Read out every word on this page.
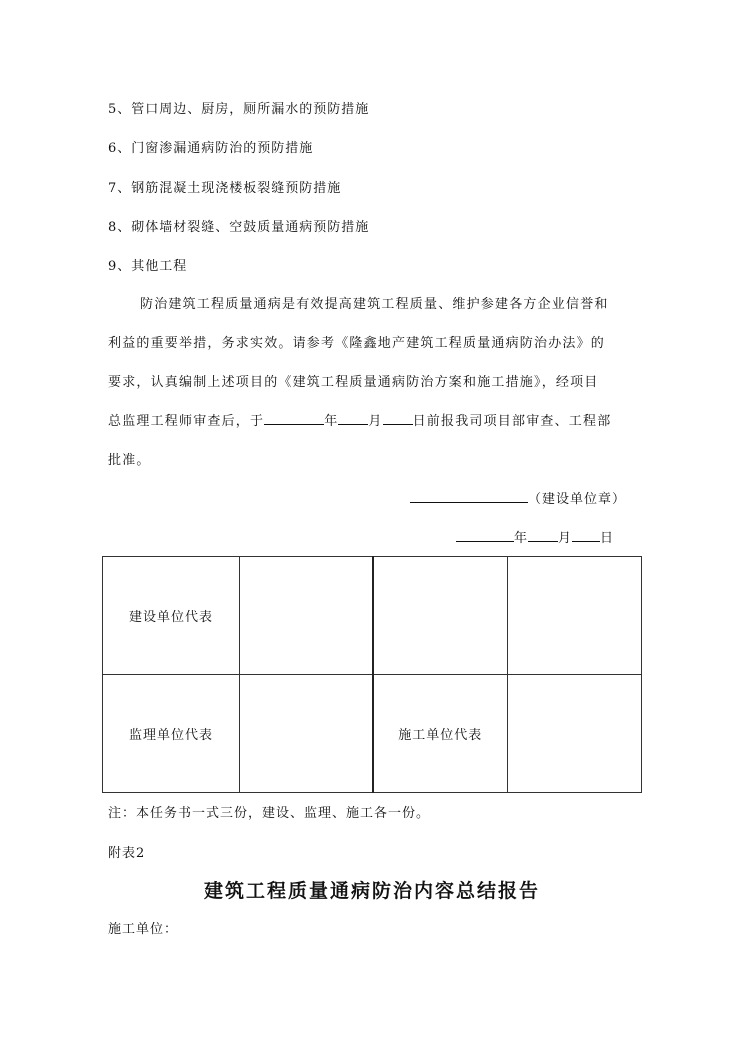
5、管口周边、厨房，厕所漏水的预防措施
6、门窗渗漏通病防治的预防措施
7、钢筋混凝土现浇楼板裂缝预防措施
8、砌体墙材裂缝、空鼓质量通病预防措施
9、其他工程
防治建筑工程质量通病是有效提高建筑工程质量、维护参建各方企业信誉和
利益的重要举措，务求实效。请参考《隆鑫地产建筑工程质量通病防治办法》的
要求，认真编制上述项目的《建筑工程质量通病防治方案和施工措施》，经项目
总监理工程师审查后，于	年 月 日前报我司项目部审查、工程部
批准。
（建设单位章）
年 月 日
建设单位代表			
监理单位代表		施工单位代表	
注：本任务书一式三份，建设、监理、施工各一份。
附表2
建筑工程质量通病防治内容总结报告
施工单位：
